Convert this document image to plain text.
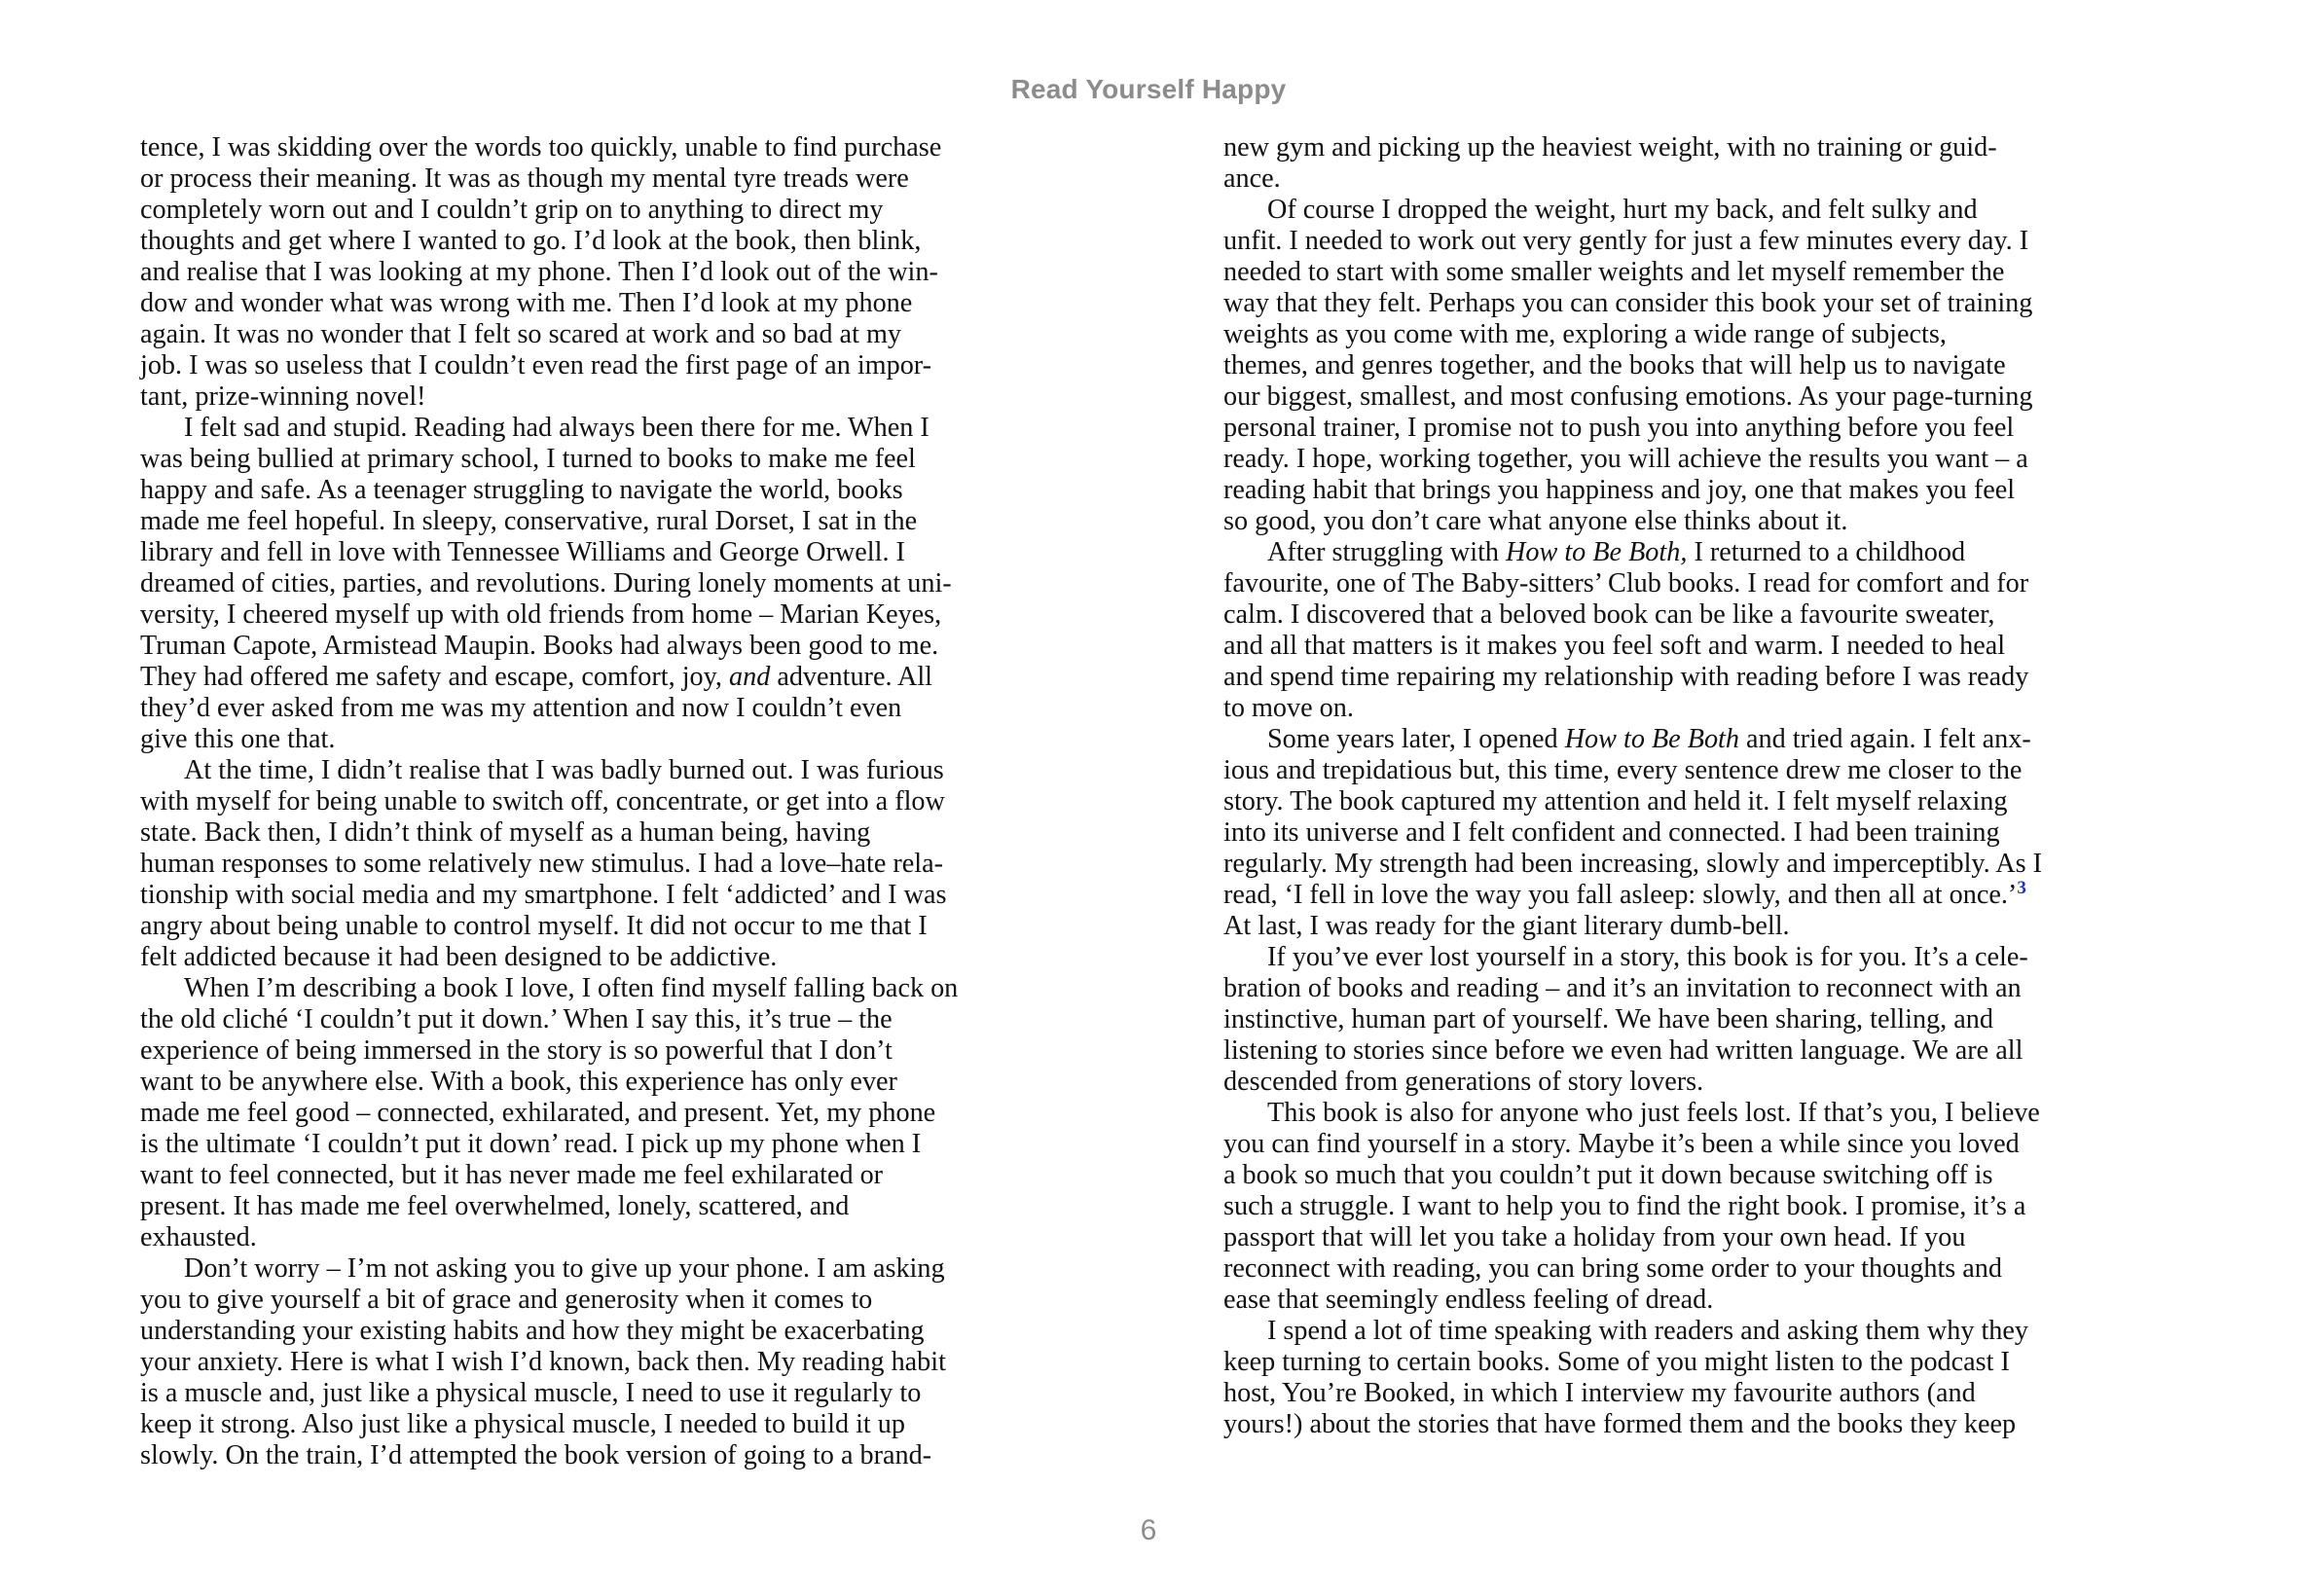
Read Yourself Happy

tence, I was skidding over the words too quickly, unable to find purchase
or process their meaning. It was as though my mental tyre treads were
completely worn out and I couldn’t grip on to anything to direct my
thoughts and get where I wanted to go. I’d look at the book, then blink,
and realise that I was looking at my phone. Then I’d look out of the win-
dow and wonder what was wrong with me. Then I’d look at my phone
again. It was no wonder that I felt so scared at work and so bad at my
job. I was so useless that I couldn’t even read the first page of an impor-
tant, prize-winning novel!

I felt sad and stupid. Reading had always been there for me. When I
was being bullied at primary school, I turned to books to make me feel
happy and safe. As a teenager struggling to navigate the world, books
made me feel hopeful. In sleepy, conservative, rural Dorset, I sat in the
library and fell in love with Tennessee Williams and George Orwell. I
dreamed of cities, parties, and revolutions. During lonely moments at uni-
versity, I cheered myself up with old friends from home – Marian Keyes,
Truman Capote, Armistead Maupin. Books had always been good to me.
They had offered me safety and escape, comfort, joy, and adventure. All
they’d ever asked from me was my attention and now I couldn’t even
give this one that.

At the time, I didn’t realise that I was badly burned out. I was furious
with myself for being unable to switch off, concentrate, or get into a flow
state. Back then, I didn’t think of myself as a human being, having
human responses to some relatively new stimulus. I had a love–hate rela-
tionship with social media and my smartphone. I felt ‘addicted’ and I was
angry about being unable to control myself. It did not occur to me that I
felt addicted because it had been designed to be addictive.

When I’m describing a book I love, I often find myself falling back on
the old cliché ‘I couldn’t put it down.’ When I say this, it’s true – the
experience of being immersed in the story is so powerful that I don’t
want to be anywhere else. With a book, this experience has only ever
made me feel good – connected, exhilarated, and present. Yet, my phone
is the ultimate ‘I couldn’t put it down’ read. I pick up my phone when I
want to feel connected, but it has never made me feel exhilarated or
present. It has made me feel overwhelmed, lonely, scattered, and
exhausted.

Don’t worry – I’m not asking you to give up your phone. I am asking
you to give yourself a bit of grace and generosity when it comes to
understanding your existing habits and how they might be exacerbating
your anxiety. Here is what I wish I’d known, back then. My reading habit
is a muscle and, just like a physical muscle, I need to use it regularly to
keep it strong. Also just like a physical muscle, I needed to build it up
slowly. On the train, I’d attempted the book version of going to a brand-

new gym and picking up the heaviest weight, with no training or guid-
ance.

Of course I dropped the weight, hurt my back, and felt sulky and
unfit. I needed to work out very gently for just a few minutes every day. I
needed to start with some smaller weights and let myself remember the
way that they felt. Perhaps you can consider this book your set of training
weights as you come with me, exploring a wide range of subjects,
themes, and genres together, and the books that will help us to navigate
our biggest, smallest, and most confusing emotions. As your page-turning
personal trainer, I promise not to push you into anything before you feel
ready. I hope, working together, you will achieve the results you want – a
reading habit that brings you happiness and joy, one that makes you feel
so good, you don’t care what anyone else thinks about it.

After struggling with How to Be Both, I returned to a childhood
favourite, one of The Baby-sitters’ Club books. I read for comfort and for
calm. I discovered that a beloved book can be like a favourite sweater,
and all that matters is it makes you feel soft and warm. I needed to heal
and spend time repairing my relationship with reading before I was ready
to move on.

Some years later, I opened How to Be Both and tried again. I felt anx-
ious and trepidatious but, this time, every sentence drew me closer to the
story. The book captured my attention and held it. I felt myself relaxing
into its universe and I felt confident and connected. I had been training
regularly. My strength had been increasing, slowly and imperceptibly. As I
read, ‘I fell in love the way you fall asleep: slowly, and then all at once.’$^3$
At last, I was ready for the giant literary dumb-bell.

If you’ve ever lost yourself in a story, this book is for you. It’s a cele-
bration of books and reading – and it’s an invitation to reconnect with an
instinctive, human part of yourself. We have been sharing, telling, and
listening to stories since before we even had written language. We are all
descended from generations of story lovers.

This book is also for anyone who just feels lost. If that’s you, I believe
you can find yourself in a story. Maybe it’s been a while since you loved
a book so much that you couldn’t put it down because switching off is
such a struggle. I want to help you to find the right book. I promise, it’s a
passport that will let you take a holiday from your own head. If you
reconnect with reading, you can bring some order to your thoughts and
ease that seemingly endless feeling of dread.

I spend a lot of time speaking with readers and asking them why they
keep turning to certain books. Some of you might listen to the podcast I
host, You’re Booked, in which I interview my favourite authors (and
yours!) about the stories that have formed them and the books they keep

6
